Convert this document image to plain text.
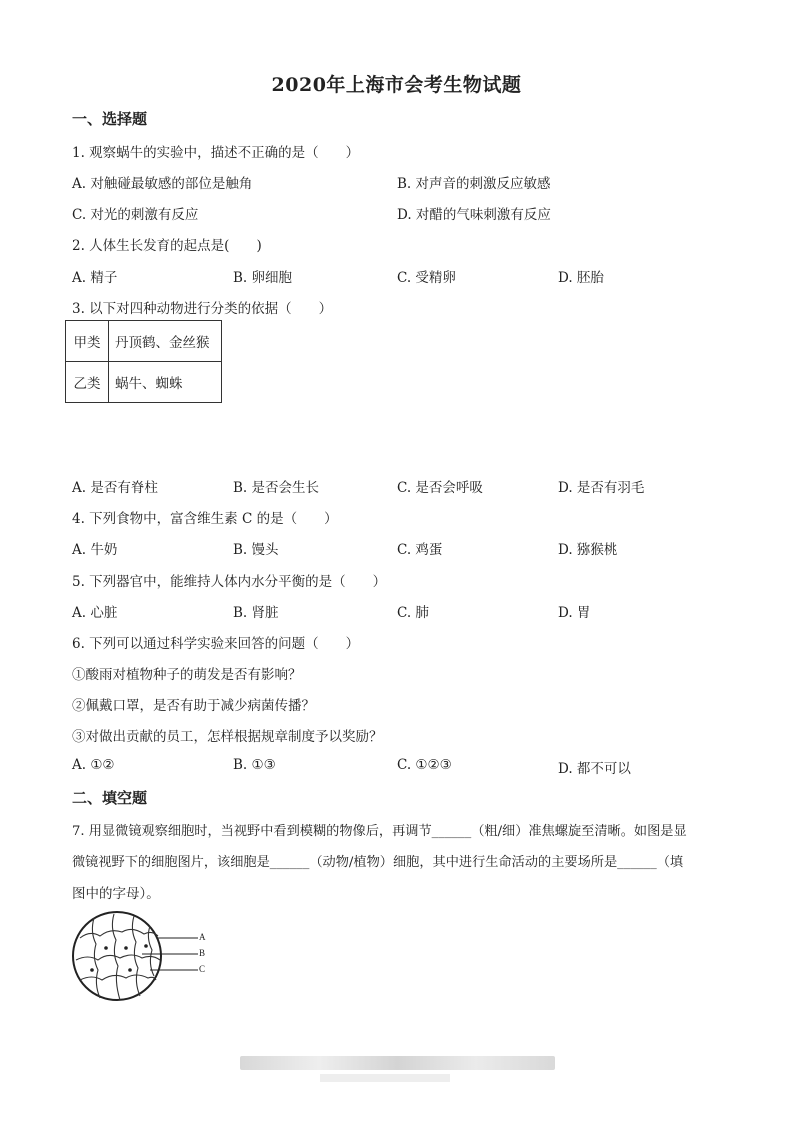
2020年上海市会考生物试题
一、选择题
1. 观察蜗牛的实验中，描述不正确的是（　　）
A. 对触碰最敏感的部位是触角	B. 对声音的刺激反应敏感
C. 对光的刺激有反应	D. 对醋的气味刺激有反应
2. 人体生长发育的起点是(　　)
A. 精子	B. 卵细胞	C. 受精卵	D. 胚胎
3. 以下对四种动物进行分类的依据（　　）
甲类	丹顶鹤、金丝猴
乙类	蜗牛、蜘蛛
A. 是否有脊柱	B. 是否会生长	C. 是否会呼吸	D. 是否有羽毛
4. 下列食物中，富含维生素 C 的是（　　）
A. 牛奶	B. 馒头	C. 鸡蛋	D. 猕猴桃
5. 下列器官中，能维持人体内水分平衡的是（　　）
A. 心脏	B. 肾脏	C. 肺	D. 胃
6. 下列可以通过科学实验来回答的问题（　　）
①酸雨对植物种子的萌发是否有影响？
②佩戴口罩，是否有助于减少病菌传播？
③对做出贡献的员工，怎样根据规章制度予以奖励？
A. ①②	B. ①③	C. ①②③	D. 都不可以
二、填空题
7. 用显微镜观察细胞时，当视野中看到模糊的物像后，再调节______（粗/细）准焦螺旋至清晰。如图是显
微镜视野下的细胞图片，该细胞是______（动物/植物）细胞，其中进行生命活动的主要场所是______（填
图中的字母）。
A
B
C
